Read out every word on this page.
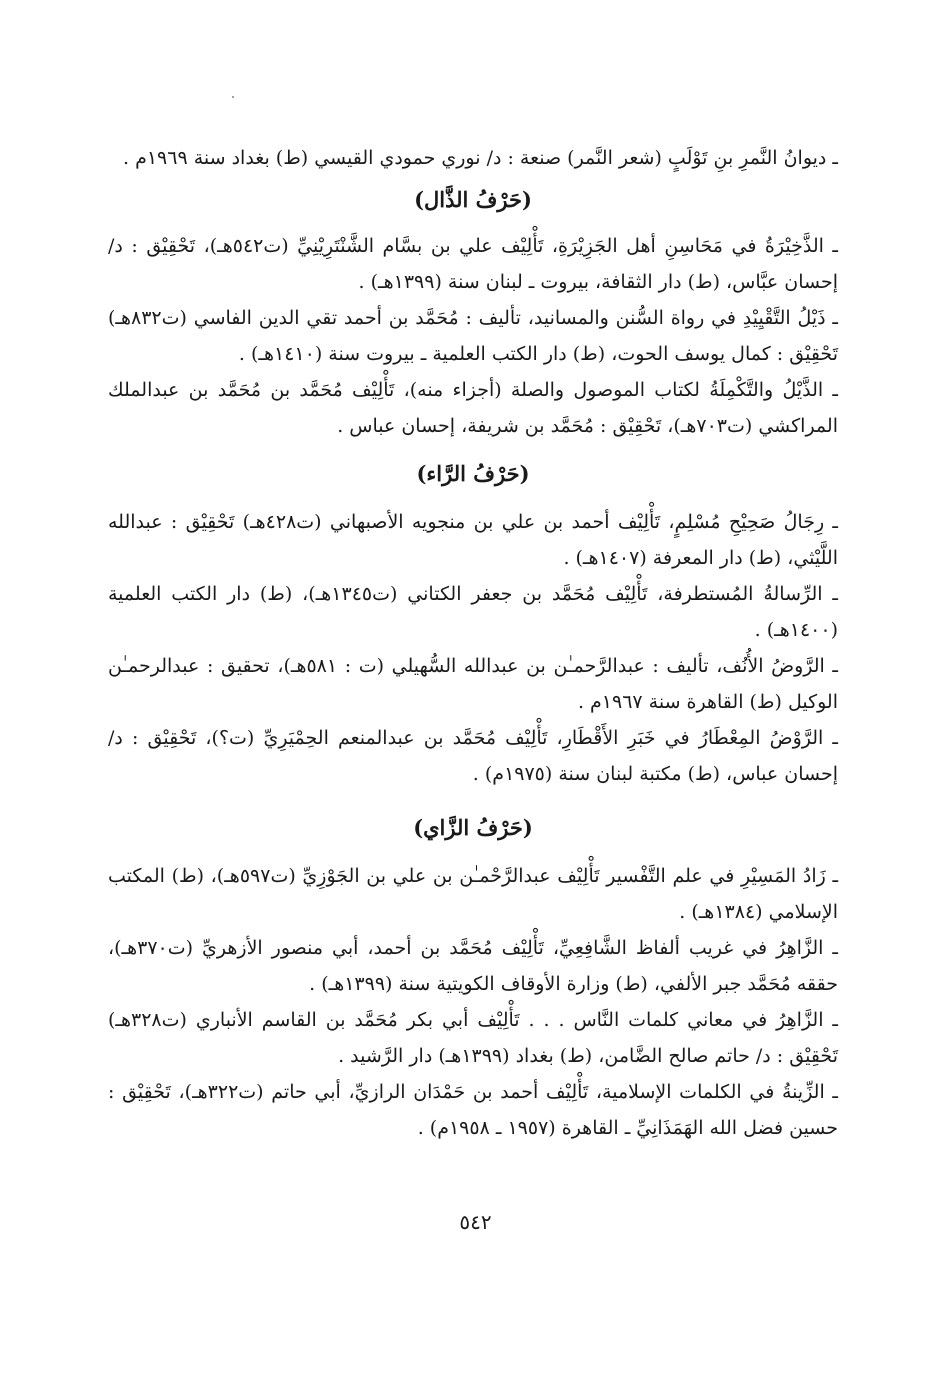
ـ ديوانُ النَّمرِ بنِ تَوْلَبٍ (شعر النَّمر) صنعة : د/ نوري حمودي القيسي (ط) بغداد سنة ١٩٦٩م .

(حَرْفُ الذَّال)

ـ الذَّخِيْرَةُ في مَحَاسِنِ أهل الجَزِيْرَةِ، تَأْلِيْف علي بن بسَّام الشَّنْتَرِيْنِيِّ (ت٥٤٢هـ)، تَحْقِيْق : د/ إحسان عبَّاس، (ط) دار الثقافة، بيروت ـ لبنان سنة (١٣٩٩هـ) .

ـ ذَيْلُ التَّقْيِيْدِ في رواة السُّنن والمسانيد، تأليف : مُحَمَّد بن أحمد تقي الدين الفاسي (ت٨٣٢هـ) تَحْقِيْق : كمال يوسف الحوت، (ط) دار الكتب العلمية ـ بيروت سنة (١٤١٠هـ) .

ـ الذَّيْلُ والتَّكْمِلَةُ لكتاب الموصول والصلة (أجزاء منه)، تَأْلِيْف مُحَمَّد بن مُحَمَّد بن عبدالملك المراكشي (ت٧٠٣هـ)، تَحْقِيْق : مُحَمَّد بن شريفة، إحسان عباس .

(حَرْفُ الرَّاء)

ـ رِجَالُ صَحِيْحِ مُسْلِمٍ، تَأْلِيْف أحمد بن علي بن منجويه الأصبهاني (ت٤٢٨هـ) تَحْقِيْق : عبدالله اللَّيْثي، (ط) دار المعرفة (١٤٠٧هـ) .

ـ الرِّسالةُ المُستطرفة، تَأْلِيْف مُحَمَّد بن جعفر الكتاني (ت١٣٤٥هـ)، (ط) دار الكتب العلمية (١٤٠٠هـ) .

ـ الرَّوضُ الأُنُف، تأليف : عبدالرَّحمـٰن بن عبدالله السُّهيلي (ت : ٥٨١هـ)، تحقيق : عبدالرحمـٰن الوكيل (ط) القاهرة سنة ١٩٦٧م .

ـ الرَّوْضُ المِعْطَارُ في خَبَرِ الأَقْطَارِ، تَأْلِيْف مُحَمَّد بن عبدالمنعم الحِمْيَرِيِّ (ت؟)، تَحْقِيْق : د/ إحسان عباس، (ط) مكتبة لبنان سنة (١٩٧٥م) .

(حَرْفُ الزَّاي)

ـ زَادُ المَسِيْرِ في علم التَّفْسير تَأْلِيْف عبدالرَّحْمـٰن بن علي بن الجَوْزِيِّ (ت٥٩٧هـ)، (ط) المكتب الإسلامي (١٣٨٤هـ) .

ـ الزَّاهِرُ في غريب ألفاظ الشَّافِعِيِّ، تَأْلِيْف مُحَمَّد بن أحمد، أبي منصور الأزهريِّ (ت٣٧٠هـ)، حققه مُحَمَّد جبر الألفي، (ط) وزارة الأوقاف الكويتية سنة (١٣٩٩هـ) .

ـ الزَّاهِرُ في معاني كلمات النَّاس . . . تَأْلِيْف أبي بكر مُحَمَّد بن القاسم الأنباري (ت٣٢٨هـ) تَحْقِيْق : د/ حاتم صالح الضَّامن، (ط) بغداد (١٣٩٩هـ) دار الرَّشيد .

ـ الزِّينةُ في الكلمات الإسلامية، تَأْلِيْف أحمد بن حَمْدَان الرازيِّ، أبي حاتم (ت٣٢٢هـ)، تَحْقِيْق : حسين فضل الله الهَمَذَانِيِّ ـ القاهرة (١٩٥٧ ـ ١٩٥٨م) .

٥٤٢
